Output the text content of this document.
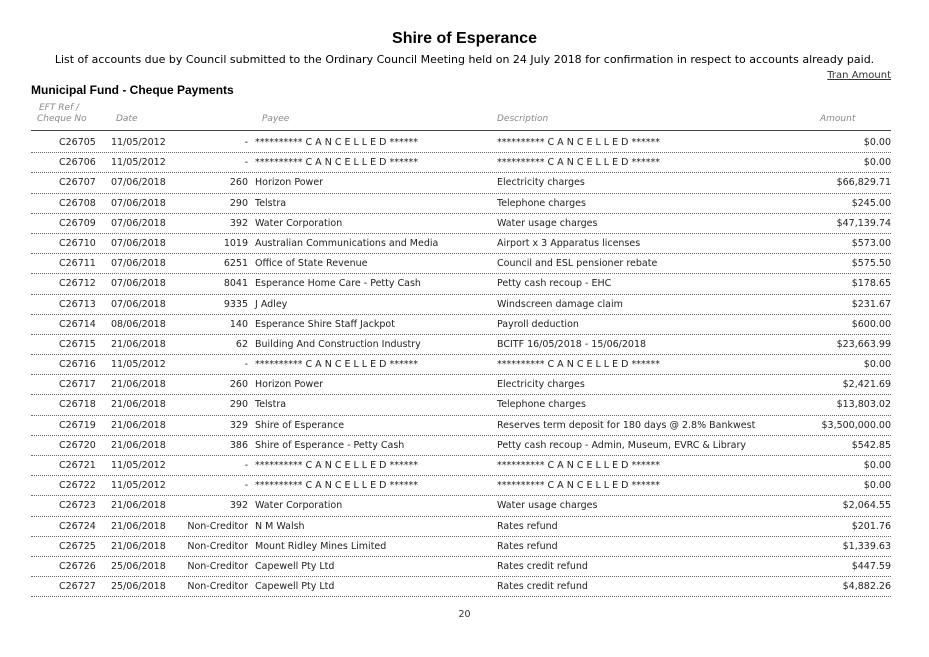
Shire of Esperance
List of accounts due by Council submitted to the Ordinary Council Meeting held on 24 July 2018 for confirmation in respect to accounts already paid.
Tran Amount
Municipal Fund - Cheque Payments
EFT Ref /
Cheque No	Date	Payee	Description	Amount
C26705 11/05/2012	- ********** C A N C E L L E D ******	********** C A N C E L L E D ******	$0.00
C26706 11/05/2012	- ********** C A N C E L L E D ******	********** C A N C E L L E D ******	$0.00
C26707 07/06/2018	260 Horizon Power	Electricity charges	$66,829.71
C26708 07/06/2018	290 Telstra	Telephone charges	$245.00
C26709 07/06/2018	392 Water Corporation	Water usage charges	$47,139.74
C26710 07/06/2018	1019 Australian Communications and Media	Airport x 3 Apparatus licenses	$573.00
C26711 07/06/2018	6251 Office of State Revenue	Council and ESL pensioner rebate	$575.50
C26712 07/06/2018	8041 Esperance Home Care - Petty Cash	Petty cash recoup - EHC	$178.65
C26713 07/06/2018	9335 J Adley	Windscreen damage claim	$231.67
C26714 08/06/2018	140 Esperance Shire Staff Jackpot	Payroll deduction	$600.00
C26715 21/06/2018	62 Building And Construction Industry	BCITF 16/05/2018 - 15/06/2018	$23,663.99
C26716 11/05/2012	- ********** C A N C E L L E D ******	********** C A N C E L L E D ******	$0.00
C26717 21/06/2018	260 Horizon Power	Electricity charges	$2,421.69
C26718 21/06/2018	290 Telstra	Telephone charges	$13,803.02
C26719 21/06/2018	329 Shire of Esperance	Reserves term deposit for 180 days @ 2.8% Bankwest	$3,500,000.00
C26720 21/06/2018	386 Shire of Esperance - Petty Cash	Petty cash recoup - Admin, Museum, EVRC & Library	$542.85
C26721 11/05/2012	- ********** C A N C E L L E D ******	********** C A N C E L L E D ******	$0.00
C26722 11/05/2012	- ********** C A N C E L L E D ******	********** C A N C E L L E D ******	$0.00
C26723 21/06/2018	392 Water Corporation	Water usage charges	$2,064.55
C26724 21/06/2018 Non-Creditor N M Walsh	Rates refund	$201.76
C26725 21/06/2018 Non-Creditor Mount Ridley Mines Limited	Rates refund	$1,339.63
C26726 25/06/2018 Non-Creditor Capewell Pty Ltd	Rates credit refund	$447.59
C26727 25/06/2018 Non-Creditor Capewell Pty Ltd	Rates credit refund	$4,882.26
20
